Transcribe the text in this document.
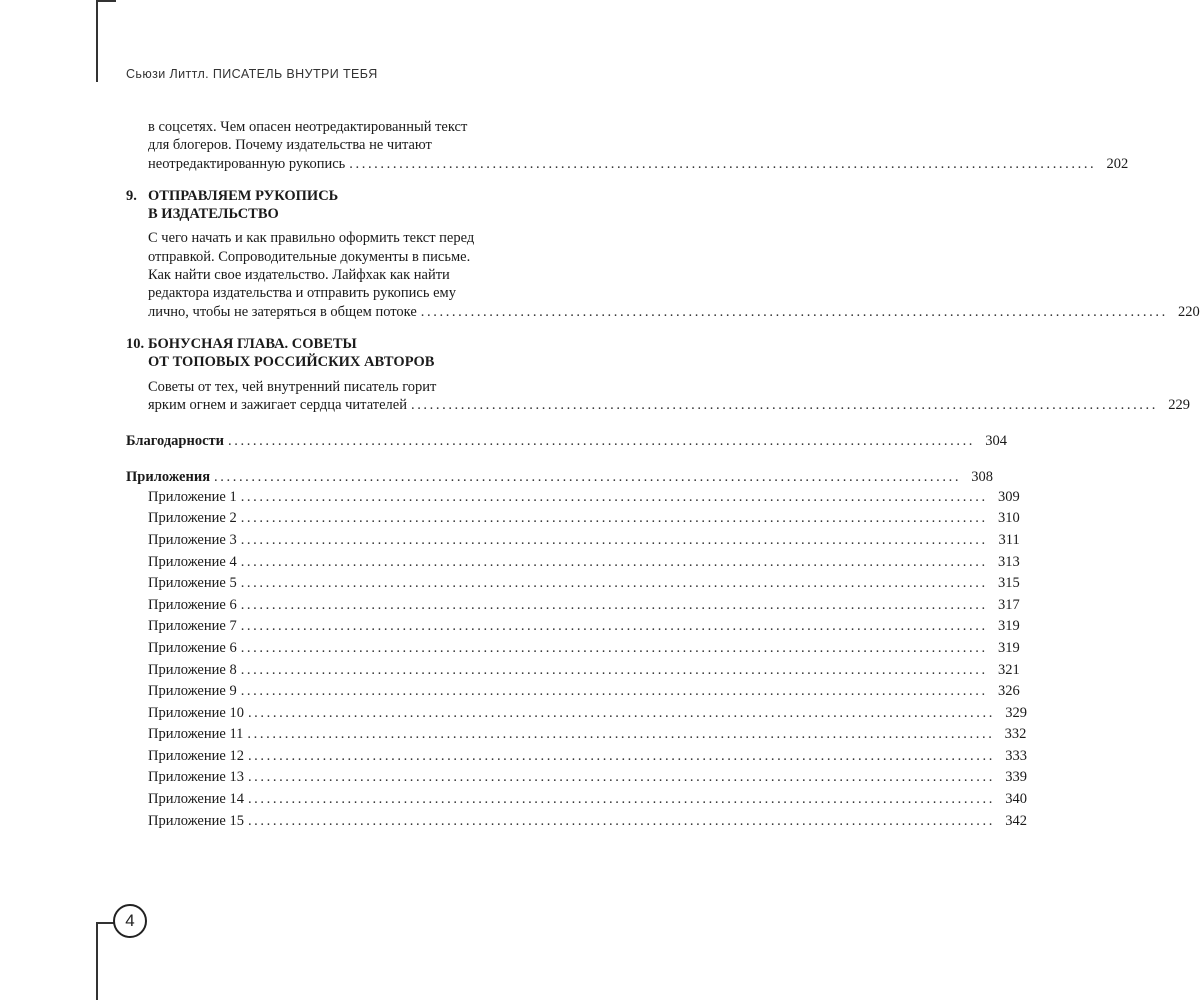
Сьюзи Литтл. ПИСАТЕЛЬ ВНУТРИ ТЕБЯ
в соцсетях. Чем опасен неотредактированный текст
для блогеров. Почему издательства не читают
неотредактированную рукопись ........................................................................................................................ 202
9. ОТПРАВЛЯЕМ РУКОПИСЬ
В ИЗДАТЕЛЬСТВО
С чего начать и как правильно оформить текст перед
отправкой. Сопроводительные документы в письме.
Как найти свое издательство. Лайфхак как найти
редактора издательства и отправить рукопись ему
лично, чтобы не затеряться в общем потоке ........................................................................................................................ 220
10. БОНУСНАЯ ГЛАВА. СОВЕТЫ
ОТ ТОПОВЫХ РОССИЙСКИХ АВТОРОВ
Советы от тех, чей внутренний писатель горит
ярким огнем и зажигает сердца читателей ........................................................................................................................ 229
Благодарности ........................................................................................................................ 304
Приложения ........................................................................................................................ 308
Приложение 1 ........................................................................................................................ 309
Приложение 2 ........................................................................................................................ 310
Приложение 3 ........................................................................................................................ 311
Приложение 4 ........................................................................................................................ 313
Приложение 5 ........................................................................................................................ 315
Приложение 6 ........................................................................................................................ 317
Приложение 7 ........................................................................................................................ 319
Приложение 6 ........................................................................................................................ 319
Приложение 8 ........................................................................................................................ 321
Приложение 9 ........................................................................................................................ 326
Приложение 10 ........................................................................................................................ 329
Приложение 11 ........................................................................................................................ 332
Приложение 12 ........................................................................................................................ 333
Приложение 13 ........................................................................................................................ 339
Приложение 14 ........................................................................................................................ 340
Приложение 15 ........................................................................................................................ 342
4
